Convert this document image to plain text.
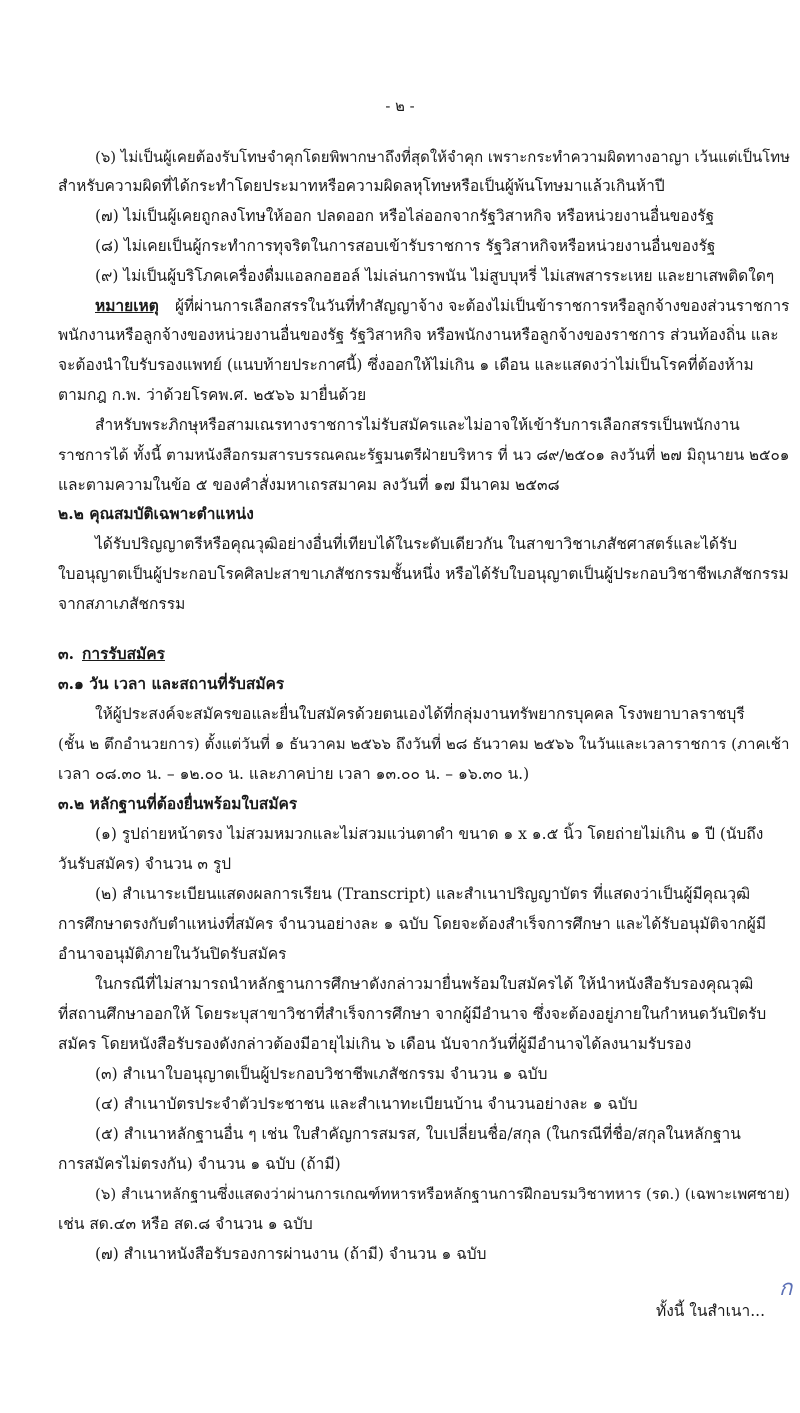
- ๒ -
(๖) ไม่เป็นผู้เคยต้องรับโทษจำคุกโดยพิพากษาถึงที่สุดให้จำคุก เพราะกระทำความผิดทางอาญา เว้นแต่เป็นโทษ
สำหรับความผิดที่ได้กระทำโดยประมาทหรือความผิดลหุโทษหรือเป็นผู้พ้นโทษมาแล้วเกินห้าปี
(๗) ไม่เป็นผู้เคยถูกลงโทษให้ออก ปลดออก หรือไล่ออกจากรัฐวิสาหกิจ หรือหน่วยงานอื่นของรัฐ
(๘) ไม่เคยเป็นผู้กระทำการทุจริตในการสอบเข้ารับราชการ รัฐวิสาหกิจหรือหน่วยงานอื่นของรัฐ
(๙) ไม่เป็นผู้บริโภคเครื่องดื่มแอลกอฮอล์ ไม่เล่นการพนัน ไม่สูบบุหรี่ ไม่เสพสารระเหย และยาเสพติดใดๆ
หมายเหตุ ผู้ที่ผ่านการเลือกสรรในวันที่ทำสัญญาจ้าง จะต้องไม่เป็นข้าราชการหรือลูกจ้างของส่วนราชการ
พนักงานหรือลูกจ้างของหน่วยงานอื่นของรัฐ รัฐวิสาหกิจ หรือพนักงานหรือลูกจ้างของราชการ ส่วนท้องถิ่น และ
จะต้องนำใบรับรองแพทย์ (แนบท้ายประกาศนี้) ซึ่งออกให้ไม่เกิน ๑ เดือน และแสดงว่าไม่เป็นโรคที่ต้องห้าม
ตามกฎ ก.พ. ว่าด้วยโรคพ.ศ. ๒๕๖๖ มายื่นด้วย
สำหรับพระภิกษุหรือสามเณรทางราชการไม่รับสมัครและไม่อาจให้เข้ารับการเลือกสรรเป็นพนักงาน
ราชการได้ ทั้งนี้ ตามหนังสือกรมสารบรรณคณะรัฐมนตรีฝ่ายบริหาร ที่ นว ๘๙/๒๕๐๑ ลงวันที่ ๒๗ มิถุนายน ๒๕๐๑
และตามความในข้อ ๕ ของคำสั่งมหาเถรสมาคม ลงวันที่ ๑๗ มีนาคม ๒๕๓๘
๒.๒ คุณสมบัติเฉพาะตำแหน่ง
ได้รับปริญญาตรีหรือคุณวุฒิอย่างอื่นที่เทียบได้ในระดับเดียวกัน ในสาขาวิชาเภสัชศาสตร์และได้รับ
ใบอนุญาตเป็นผู้ประกอบโรคศิลปะสาขาเภสัชกรรมชั้นหนึ่ง หรือได้รับใบอนุญาตเป็นผู้ประกอบวิชาชีพเภสัชกรรม
จากสภาเภสัชกรรม
๓. การรับสมัคร
๓.๑ วัน เวลา และสถานที่รับสมัคร
ให้ผู้ประสงค์จะสมัครขอและยื่นใบสมัครด้วยตนเองได้ที่กลุ่มงานทรัพยากรบุคคล โรงพยาบาลราชบุรี
(ชั้น ๒ ตึกอำนวยการ) ตั้งแต่วันที่ ๑ ธันวาคม ๒๕๖๖ ถึงวันที่ ๒๘ ธันวาคม ๒๕๖๖ ในวันและเวลาราชการ (ภาคเช้า
เวลา ๐๘.๓๐ น. – ๑๒.๐๐ น. และภาคบ่าย เวลา ๑๓.๐๐ น. – ๑๖.๓๐ น.)
๓.๒ หลักฐานที่ต้องยื่นพร้อมใบสมัคร
(๑) รูปถ่ายหน้าตรง ไม่สวมหมวกและไม่สวมแว่นตาดำ ขนาด ๑ x ๑.๕ นิ้ว โดยถ่ายไม่เกิน ๑ ปี (นับถึง
วันรับสมัคร) จำนวน ๓ รูป
(๒) สำเนาระเบียนแสดงผลการเรียน (Transcript) และสำเนาปริญญาบัตร ที่แสดงว่าเป็นผู้มีคุณวุฒิ
การศึกษาตรงกับตำแหน่งที่สมัคร จำนวนอย่างละ ๑ ฉบับ โดยจะต้องสำเร็จการศึกษา และได้รับอนุมัติจากผู้มี
อำนาจอนุมัติภายในวันปิดรับสมัคร
ในกรณีที่ไม่สามารถนำหลักฐานการศึกษาดังกล่าวมายื่นพร้อมใบสมัครได้ ให้นำหนังสือรับรองคุณวุฒิ
ที่สถานศึกษาออกให้ โดยระบุสาขาวิชาที่สำเร็จการศึกษา จากผู้มีอำนาจ ซึ่งจะต้องอยู่ภายในกำหนดวันปิดรับ
สมัคร โดยหนังสือรับรองดังกล่าวต้องมีอายุไม่เกิน ๖ เดือน นับจากวันที่ผู้มีอำนาจได้ลงนามรับรอง
(๓) สำเนาใบอนุญาตเป็นผู้ประกอบวิชาชีพเภสัชกรรม จำนวน ๑ ฉบับ
(๔) สำเนาบัตรประจำตัวประชาชน และสำเนาทะเบียนบ้าน จำนวนอย่างละ ๑ ฉบับ
(๕) สำเนาหลักฐานอื่น ๆ เช่น ใบสำคัญการสมรส, ใบเปลี่ยนชื่อ/สกุล (ในกรณีที่ชื่อ/สกุลในหลักฐาน
การสมัครไม่ตรงกัน) จำนวน ๑ ฉบับ (ถ้ามี)
(๖) สำเนาหลักฐานซึ่งแสดงว่าผ่านการเกณฑ์ทหารหรือหลักฐานการฝึกอบรมวิชาทหาร (รด.) (เฉพาะเพศชาย)
เช่น สด.๔๓ หรือ สด.๘ จำนวน ๑ ฉบับ
(๗) สำเนาหนังสือรับรองการผ่านงาน (ถ้ามี) จำนวน ๑ ฉบับ
ก
ทั้งนี้ ในสำเนา...
